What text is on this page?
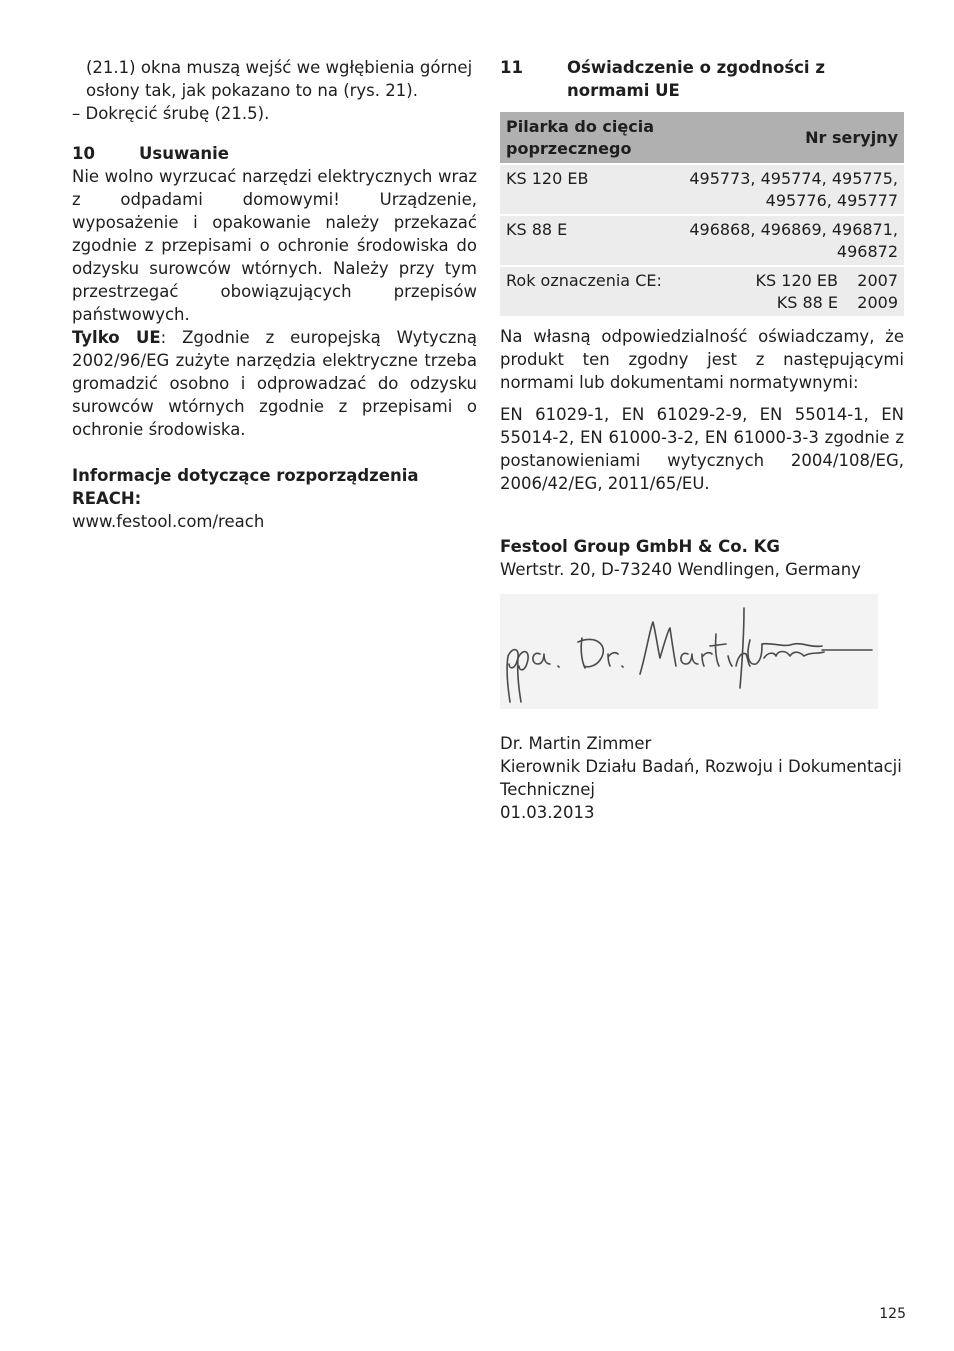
(21.1) okna muszą wejść we wgłębienia górnej

osłony tak, jak pokazano to na (rys. 21).

– Dokręcić śrubę (21.5).

10	Usuwanie

Nie wolno wyrzucać narzędzi elektrycznych wraz z odpadami domowymi! Urządzenie, wyposażenie i opakowanie należy przekazać zgodnie z przepisami o ochronie środowiska do odzysku surowców wtórnych. Należy przy tym przestrzegać obowiązujących przepisów państwowych.

Tylko UE: Zgodnie z europejską Wytyczną 2002/96/EG zużyte narzędzia elektryczne trzeba gromadzić osobno i odprowadzać do odzysku surowców wtórnych zgodnie z przepisami o ochronie środowiska.

Informacje dotyczące rozporządzenia REACH:

www.festool.com/reach

11	Oświadczenie o zgodności z normami UE
Pilarka do cięcia poprzecznego	Nr seryjny
KS 120 EB	495773, 495774, 495775, 495776, 495777
KS 88 E	496868, 496869, 496871, 496872
Rok oznaczenia CE:	KS 120 EB 2007
KS 88 E 2009

Na własną odpowiedzialność oświadczamy, że produkt ten zgodny jest z następującymi normami lub dokumentami normatywnymi:

EN 61029-1, EN 61029-2-9, EN 55014-1, EN 55014-2, EN 61000-3-2, EN 61000-3-3 zgodnie z postanowieniami wytycznych 2004/108/EG, 2006/42/EG, 2011/65/EU.

Festool Group GmbH & Co. KG

Wertstr. 20, D-73240 Wendlingen, Germany

Dr. Martin Zimmer

Kierownik Działu Badań, Rozwoju i Dokumentacji Technicznej

01.03.2013

125
